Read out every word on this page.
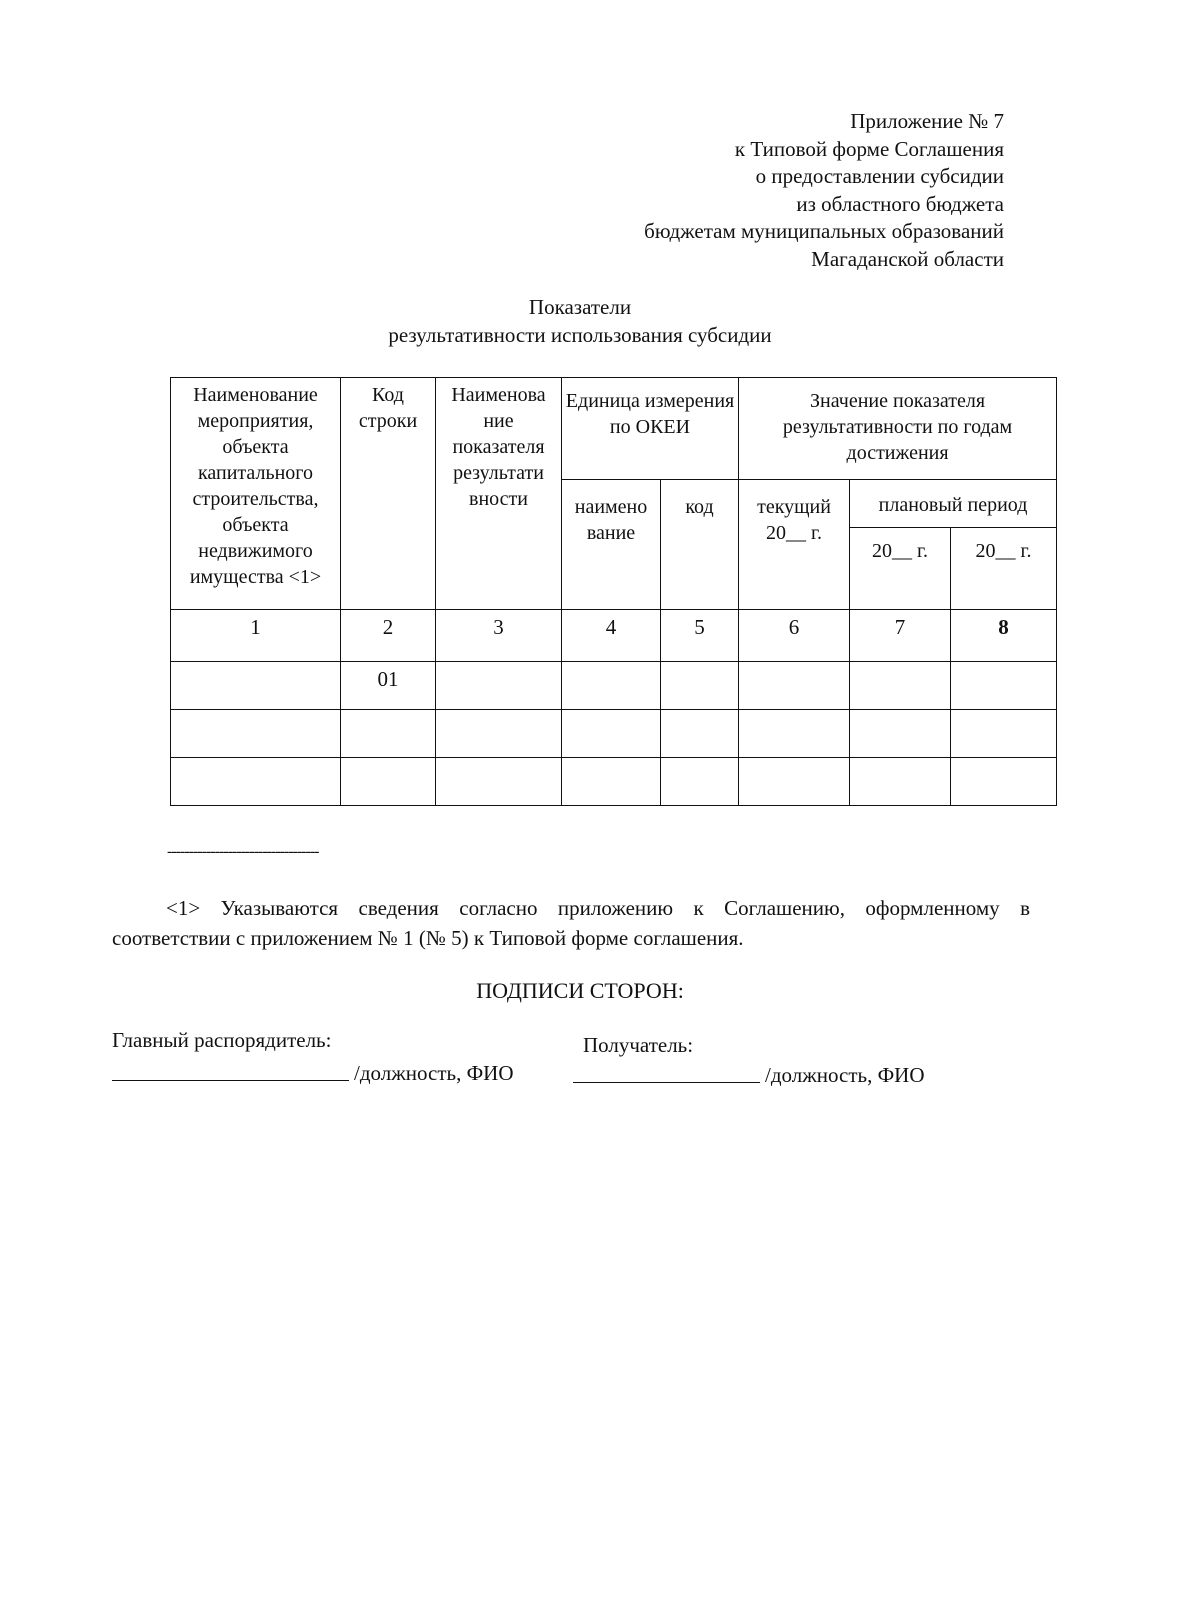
Приложение № 7
к Типовой форме Соглашения
о предоставлении субсидии
из областного бюджета
бюджетам муниципальных образований
Магаданской области
Показатели
результативности использования субсидии
Наименование мероприятия, объекта капитального строительства, объекта недвижимого имущества <1>	Код строки	Наименова ние показателя результати вности	Единица измерения по ОКЕИ		Значение показателя результативности по годам достижения		

			наимено вание	код	текущий 20__ г.	плановый период	

						20__ г.	20__ г.

1	2	3	4	5	6	7	8
	01						

-----------------------------------
<1> Указываются сведения согласно приложению к Соглашению, оформленному в соответствии с приложением № 1 (№ 5) к Типовой форме соглашения.
ПОДПИСИ СТОРОН:
Главный распорядитель:
/должность, ФИО
Получатель:
/должность, ФИО
